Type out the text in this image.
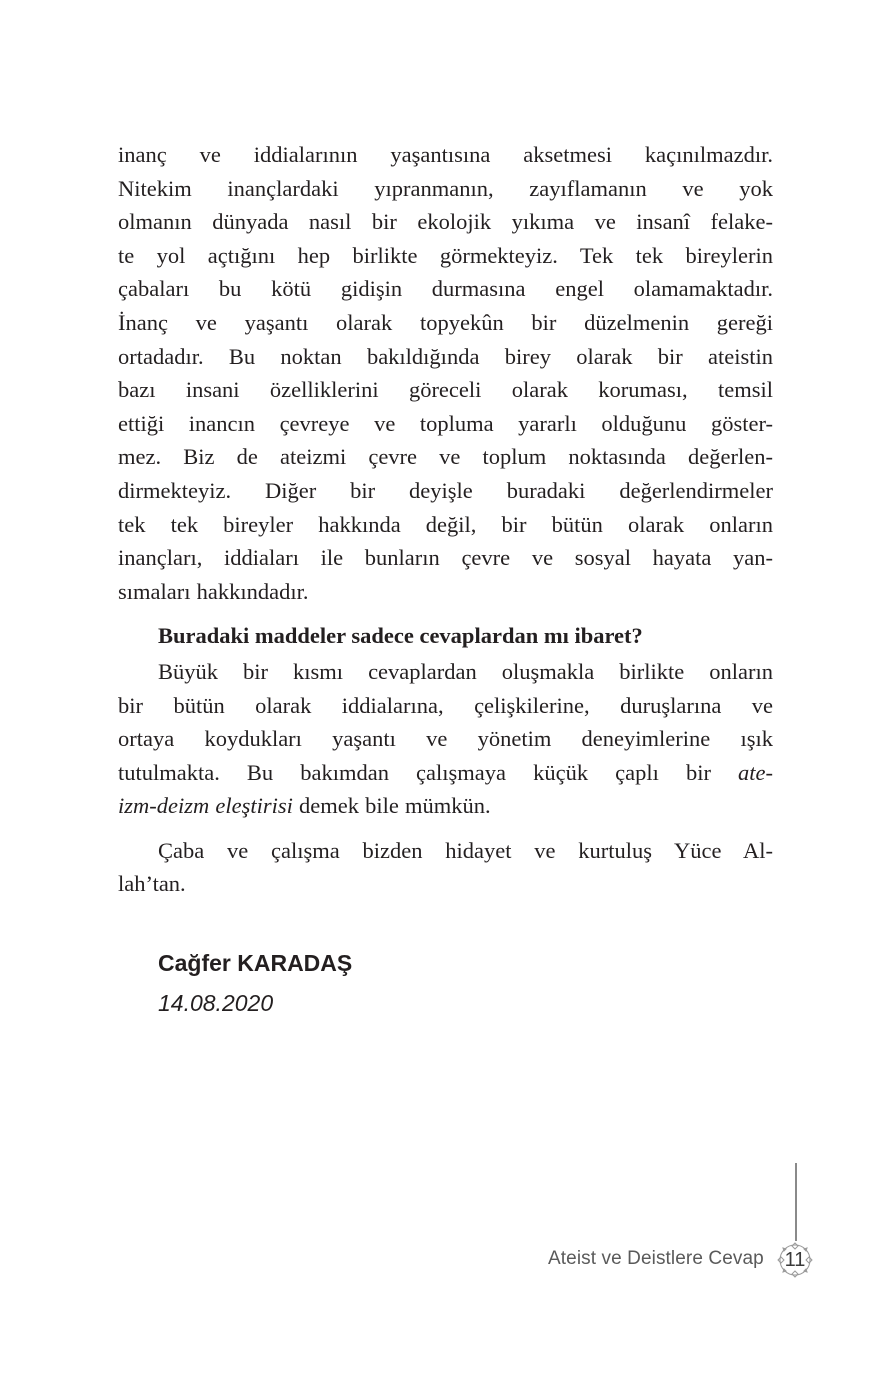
inanç ve iddialarının yaşantısına aksetmesi kaçınılmazdır.
Nitekim inançlardaki yıpranmanın, zayıflamanın ve yok
olmanın dünyada nasıl bir ekolojik yıkıma ve insanî felake-
te yol açtığını hep birlikte görmekteyiz. Tek tek bireylerin
çabaları bu kötü gidişin durmasına engel olamamaktadır.
İnanç ve yaşantı olarak topyekûn bir düzelmenin gereği
ortadadır. Bu noktan bakıldığında birey olarak bir ateistin
bazı insani özelliklerini göreceli olarak koruması, temsil
ettiği inancın çevreye ve topluma yararlı olduğunu göster-
mez. Biz de ateizmi çevre ve toplum noktasında değerlen-
dirmekteyiz. Diğer bir deyişle buradaki değerlendirmeler
tek tek bireyler hakkında değil, bir bütün olarak onların
inançları, iddiaları ile bunların çevre ve sosyal hayata yan-
sımaları hakkındadır.
Buradaki maddeler sadece cevaplardan mı ibaret?
Büyük bir kısmı cevaplardan oluşmakla birlikte onların
bir bütün olarak iddialarına, çelişkilerine, duruşlarına ve
ortaya koydukları yaşantı ve yönetim deneyimlerine ışık
tutulmakta. Bu bakımdan çalışmaya küçük çaplı bir ate-
izm-deizm eleştirisi demek bile mümkün.
Çaba ve çalışma bizden hidayet ve kurtuluş Yüce Al-
lah’tan.
Cağfer KARADAŞ
14.08.2020
Ateist ve Deistlere Cevap	11
